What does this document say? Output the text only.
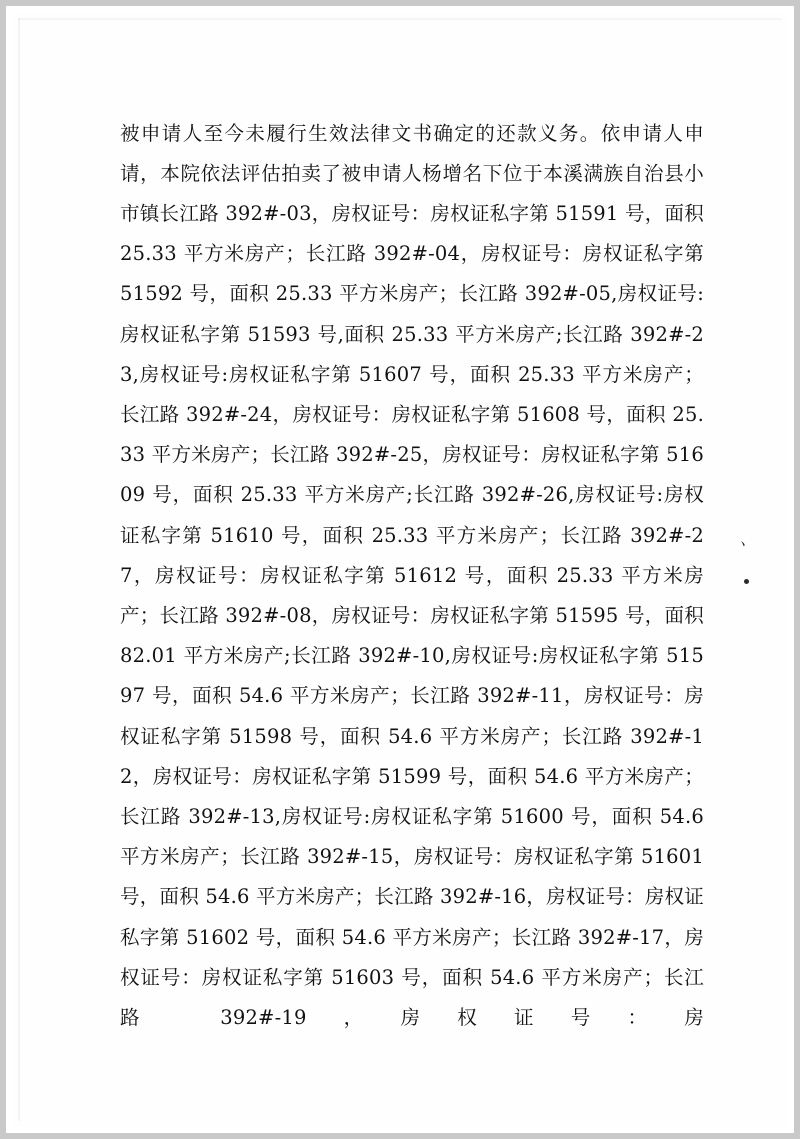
被申请人至今未履行生效法律文书确定的还款义务。依申请人申请，本院依法评估拍卖了被申请人杨增名下位于本溪满族自治县小市镇长江路 392#-03，房权证号：房权证私字第 51591 号，面积 25.33 平方米房产；长江路 392#-04，房权证号：房权证私字第 51592 号，面积 25.33 平方米房产；长江路 392#-05,房权证号:房权证私字第 51593 号,面积 25.33 平方米房产;长江路 392#-23,房权证号:房权证私字第 51607 号，面积 25.33 平方米房产；长江路 392#-24，房权证号：房权证私字第 51608 号，面积 25.33 平方米房产；长江路 392#-25，房权证号：房权证私字第 51609 号，面积 25.33 平方米房产;长江路 392#-26,房权证号:房权证私字第 51610 号，面积 25.33 平方米房产；长江路 392#-27，房权证号：房权证私字第 51612 号，面积 25.33 平方米房产；长江路 392#-08，房权证号：房权证私字第 51595 号，面积 82.01 平方米房产;长江路 392#-10,房权证号:房权证私字第 51597 号，面积 54.6 平方米房产；长江路 392#-11，房权证号：房权证私字第 51598 号，面积 54.6 平方米房产；长江路 392#-12，房权证号：房权证私字第 51599 号，面积 54.6 平方米房产；长江路 392#-13,房权证号:房权证私字第 51600 号，面积 54.6 平方米房产；长江路 392#-15，房权证号：房权证私字第 51601 号，面积 54.6 平方米房产；长江路 392#-16，房权证号：房权证私字第 51602 号，面积 54.6 平方米房产；长江路 392#-17，房权证号：房权证私字第 51603 号，面积 54.6 平方米房产；长江路 392#-19，房权证号：房

、
